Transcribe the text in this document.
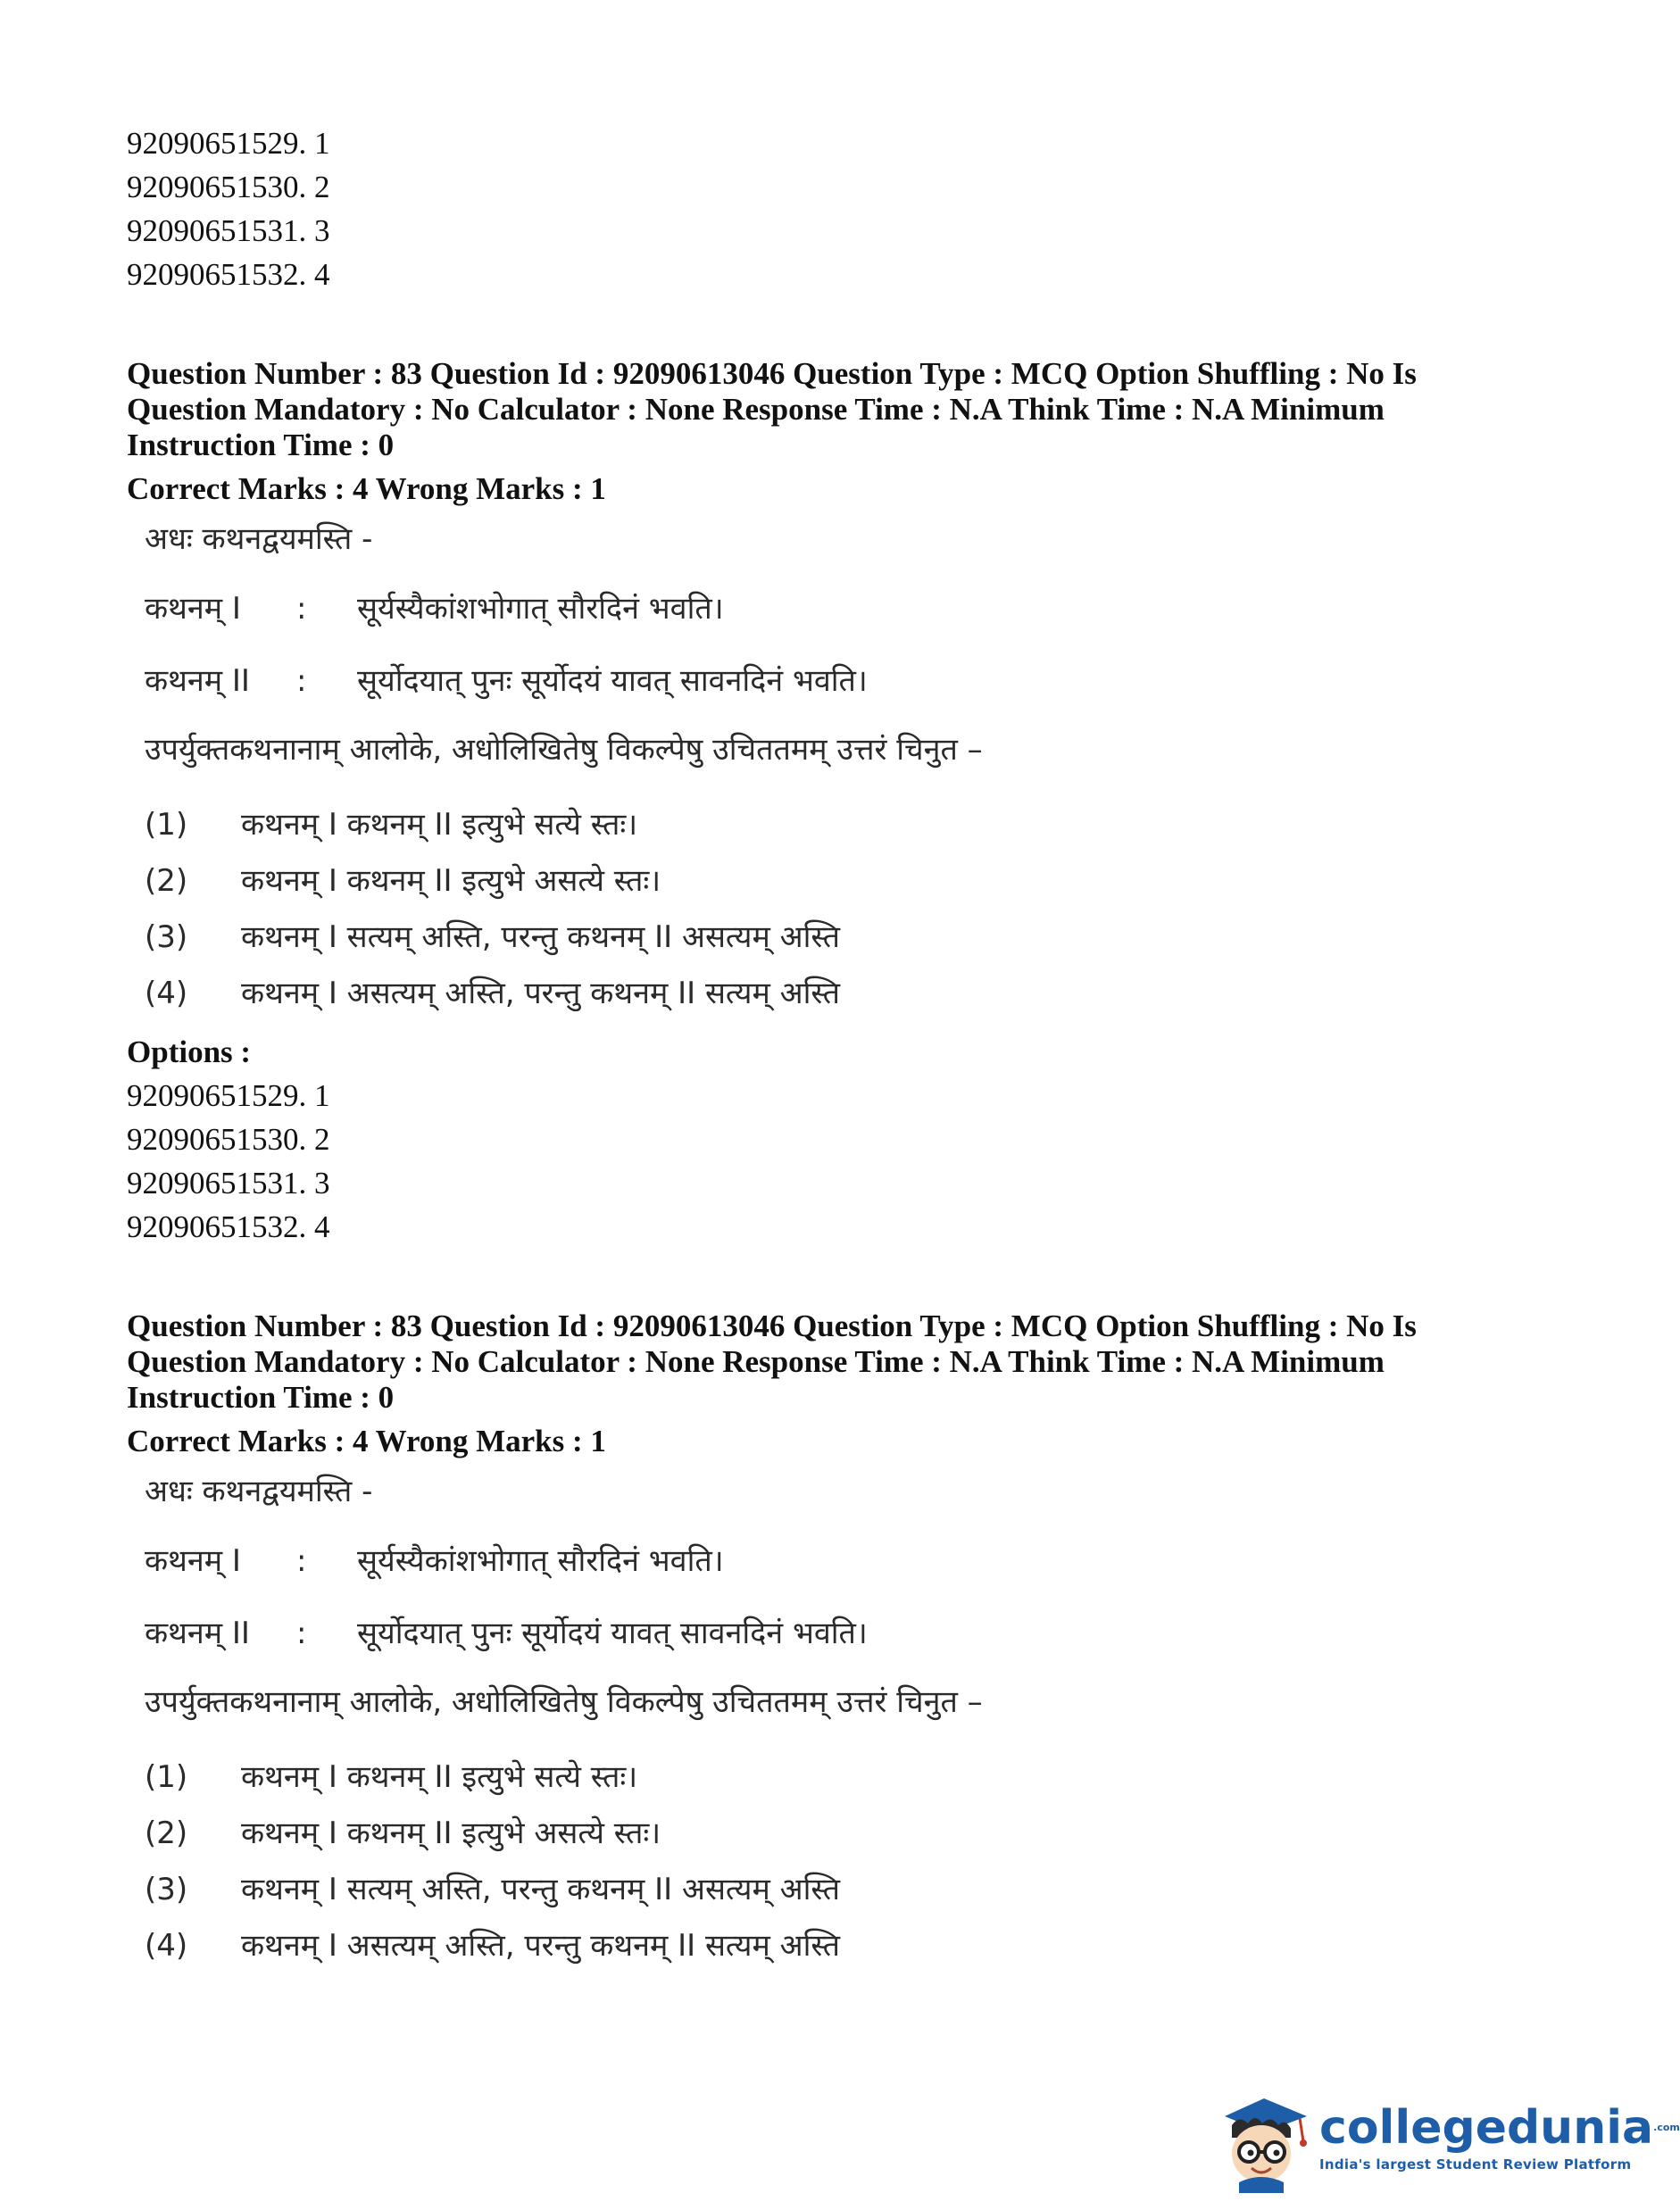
92090651529. 1
92090651530. 2
92090651531. 3
92090651532. 4
Question Number : 83 Question Id : 92090613046 Question Type : MCQ Option Shuffling : No Is
Question Mandatory : No Calculator : None Response Time : N.A Think Time : N.A Minimum
Instruction Time : 0
Correct Marks : 4 Wrong Marks : 1
अधः कथनद्वयमस्ति -
कथनम् I	:	सूर्यस्यैकांशभोगात् सौरदिनं भवति।
कथनम् II	:	सूर्योदयात् पुनः सूर्योदयं यावत् सावनदिनं भवति।
उपर्युक्तकथनानाम् आलोके, अधोलिखितेषु विकल्पेषु उचिततमम् उत्तरं चिनुत –
(1)	कथनम् I कथनम् II इत्युभे सत्ये स्तः।
(2)	कथनम् I कथनम् II इत्युभे असत्ये स्तः।
(3)	कथनम् I सत्यम् अस्ति, परन्तु कथनम् II असत्यम् अस्ति
(4)	कथनम् I असत्यम् अस्ति, परन्तु कथनम् II सत्यम् अस्ति
Options :
92090651529. 1
92090651530. 2
92090651531. 3
92090651532. 4
Question Number : 83 Question Id : 92090613046 Question Type : MCQ Option Shuffling : No Is
Question Mandatory : No Calculator : None Response Time : N.A Think Time : N.A Minimum
Instruction Time : 0
Correct Marks : 4 Wrong Marks : 1
अधः कथनद्वयमस्ति -
कथनम् I	:	सूर्यस्यैकांशभोगात् सौरदिनं भवति।
कथनम् II	:	सूर्योदयात् पुनः सूर्योदयं यावत् सावनदिनं भवति।
उपर्युक्तकथनानाम् आलोके, अधोलिखितेषु विकल्पेषु उचिततमम् उत्तरं चिनुत –
(1)	कथनम् I कथनम् II इत्युभे सत्ये स्तः।
(2)	कथनम् I कथनम् II इत्युभे असत्ये स्तः।
(3)	कथनम् I सत्यम् अस्ति, परन्तु कथनम् II असत्यम् अस्ति
(4)	कथनम् I असत्यम् अस्ति, परन्तु कथनम् II सत्यम् अस्ति
collegedunia$^{.com}$
India's largest Student Review Platform
